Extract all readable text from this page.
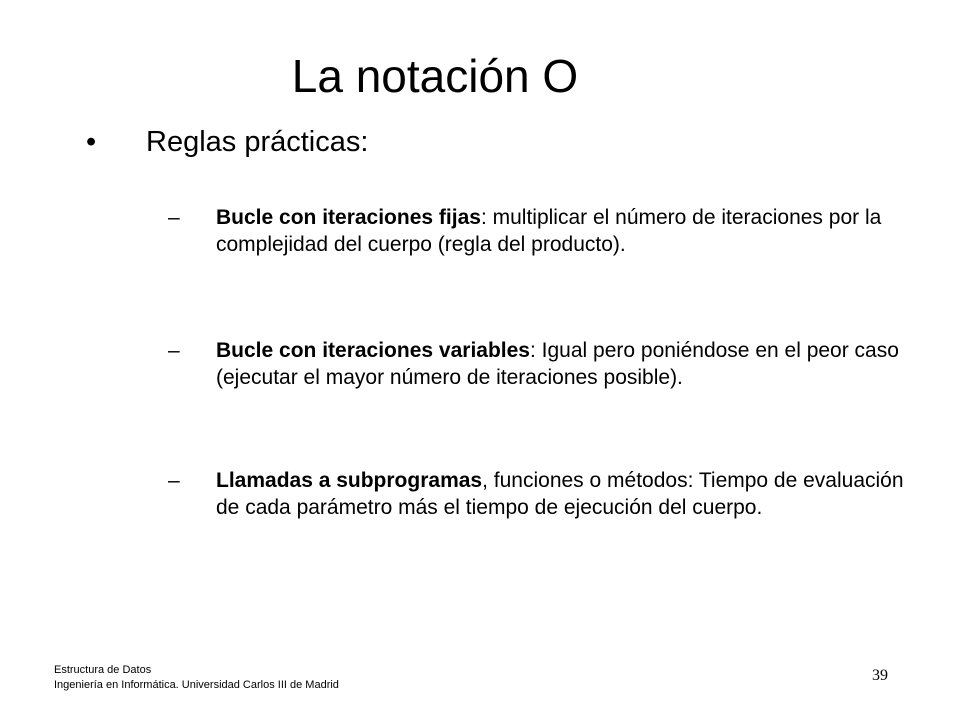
La notación O
•	Reglas prácticas:
–	Bucle con iteraciones fijas: multiplicar el número de iteraciones por la complejidad del cuerpo (regla del producto).
–	Bucle con iteraciones variables: Igual pero poniéndose en el peor caso (ejecutar el mayor número de iteraciones posible).
–	Llamadas a subprogramas, funciones o métodos: Tiempo de evaluación de cada parámetro más el tiempo de ejecución del cuerpo.
Estructura de Datos
Ingeniería en Informática. Universidad Carlos III de Madrid
39
